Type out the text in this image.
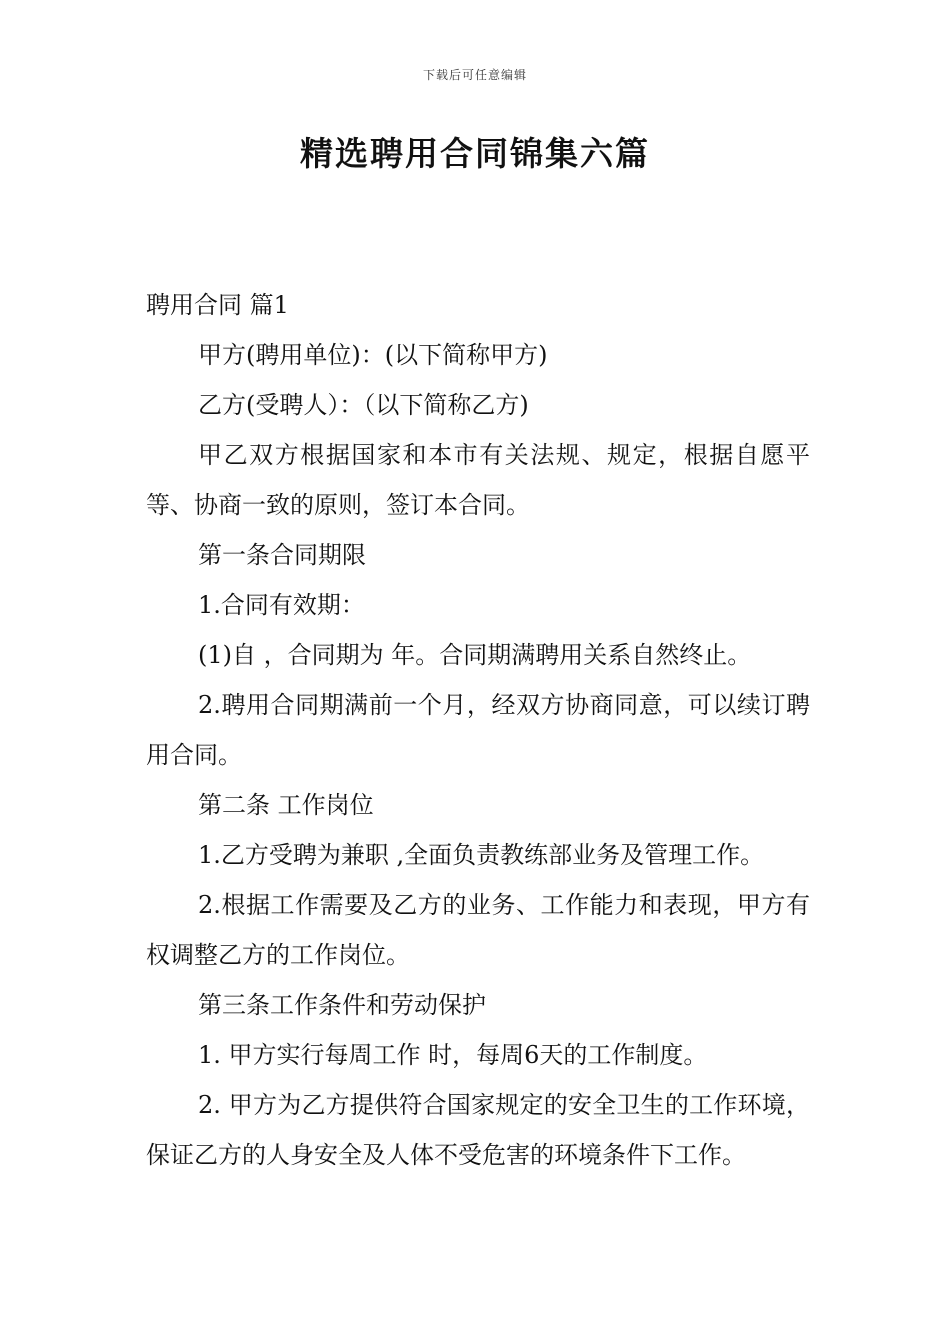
下载后可任意编辑
精选聘用合同锦集六篇

聘用合同 篇1

甲方(聘用单位)：(以下简称甲方)

乙方(受聘人）：（以下简称乙方)

甲乙双方根据国家和本市有关法规、规定，根据自愿平等、协商一致的原则，签订本合同。

第一条合同期限

1.合同有效期：

(1)自 ，合同期为 年。合同期满聘用关系自然终止。

2.聘用合同期满前一个月，经双方协商同意，可以续订聘用合同。

第二条 工作岗位

1.乙方受聘为兼职 ,全面负责教练部业务及管理工作。

2.根据工作需要及乙方的业务、工作能力和表现，甲方有权调整乙方的工作岗位。

第三条工作条件和劳动保护

1. 甲方实行每周工作 时，每周6天的工作制度。

2. 甲方为乙方提供符合国家规定的安全卫生的工作环境，保证乙方的人身安全及人体不受危害的环境条件下工作。
